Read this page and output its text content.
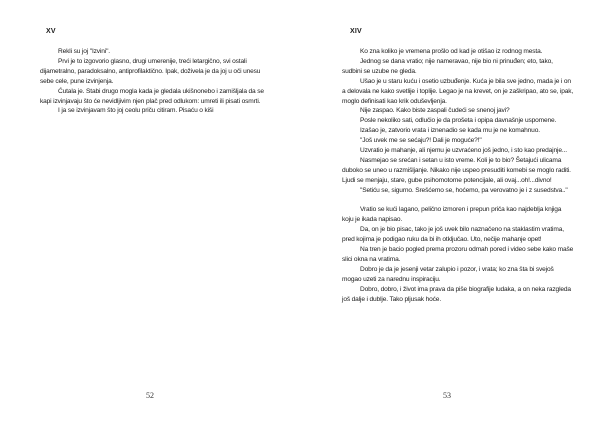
XV

Rekli su joj "Izvini".

Prvi je to izgovorio glasno, drugi umerenije, treći letargično, svi ostali dijametralno, paradoksalno, antiprofilaktično. Ipak, doživela je da joj u oči unesu sebe cele, pune izvinjenja.

Ćutala je. Stabi drugo mogla kada je gledala ukišnonebo i zamišljala da se kapi izvinjavaju što će nevidljivim njen plač pred odlukom: umreti ili pisati osmrti.

I ja se izvinjavam što joj ceolu priču citiram. Pisaću o kiši

52
XIV

Ko zna koliko je vremena prošlo od kad je otišao iz rodnog mesta.

Jednog se dana vratio; nije nameravao, nije bio ni prinuđen; eto, tako, sudbini se uzube ne gleda.

Ušao je u staru kuću i osetio uzbuđenje. Kuća je bila sve jedno, mada je i on a delovala ne kako svetlije i toplije. Legao je na krevet, on je zaškripao, ato se, ipak, moglo definisati kao krik oduševljenja.

Nije zaspao. Kako biste zaspali čudeći se snenoj javi?

Posle nekoliko sati, odlučio je da prošeta i opipa davnašnje uspomene.

Izašao je, zatvorio vrata i iznenadio se kada mu je ne komahnuo.

"Još uvek me se sećaju?! Dali je moguće?!"

Uzvratio je mahanje, ali njemu je uzvraćeno još jedno, i sto kao predajnje...

Nasmejao se srećan i setan u isto vreme. Koli je to bio? Šetajući ulicama duboko se uneo u razmišljanje. Nikako nije uspeo presuditi komebi se moglo raditi. Ljudi se menjaju, stare, gube psihomotorne potencijale, ali ovaj...oh!...divno!

"Setiću se, sigurno. Srešćemo se, hoćemo, pa verovatno je i z susedstva.."

Vratio se kući lagano, pelično izmoren i prepun priča kao najdeblja knjiga koju je ikada napisao.

Da, on je bio pisac, tako je još uvek bilo naznačeno na staklastim vratima, pred kojima je podigao ruku da bi ih otključao. Uto, nečije mahanje opet!

Na tren je bacio pogled prema prozoru odmah pored i video sebe kako maše slici okna na vratima.

Dobro je da je jesenji vetar zalupio i pozor, i vrata; ko zna šta bi svejoš mogao uzeti za narednu inspiraciju.

Dobro, dobro, i život ima prava da piše biografije ludaka, a on neka razgleda još dalje i dublje. Tako pljusak hoće.

53
